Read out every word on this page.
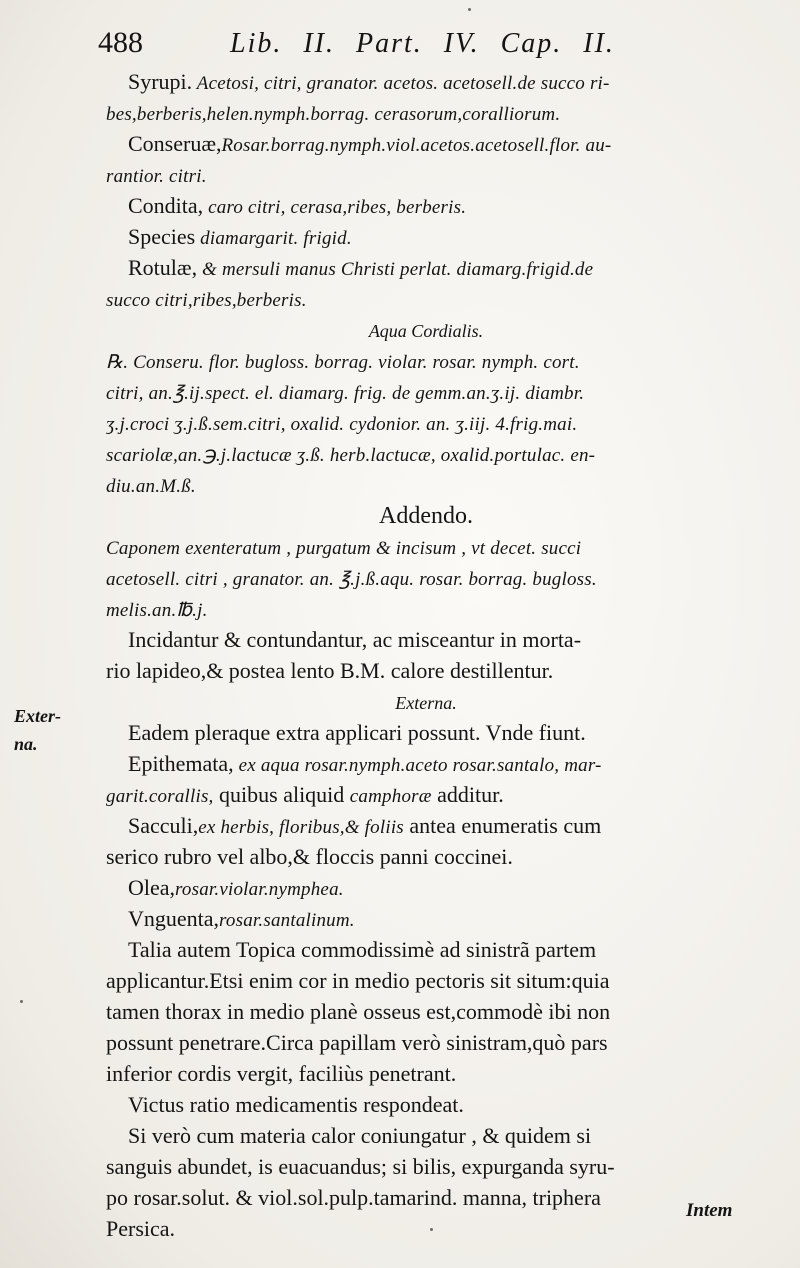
488	Lib. II. Part. IV. Cap. II.
Syrupi. Acetosi, citri, granator. acetos. acetosell.de succo ri-
bes,berberis,helen.nymph.borrag. cerasorum,coralliorum.
Conseruæ,Rosar.borrag.nymph.viol.acetos.acetosell.flor. au-
rantior. citri.
Condita, caro citri, cerasa,ribes, berberis.
Species diamargarit. frigid.
Rotulæ, & mersuli manus Christi perlat. diamarg.frigid.de
succo citri,ribes,berberis.
Aqua Cordialis.
℞. Conseru. flor. bugloss. borrag. violar. rosar. nymph. cort.
citri, an.℥.ij.spect. el. diamarg. frig. de gemm.an.ʒ.ij. diambr.
ʒ.j.croci ʒ.j.ß.sem.citri, oxalid. cydonior. an. ʒ.iij. 4.frig.mai.
scariolæ,an.℈.j.lactucæ ʒ.ß. herb.lactucæ, oxalid.portulac. en-
diu.an.M.ß.
Addendo.
Caponem exenteratum , purgatum & incisum , vt decet. succi
acetosell. citri , granator. an. ℥.j.ß.aqu. rosar. borrag. bugloss.
melis.an.℔.j.
Incidantur & contundantur, ac misceantur in morta-
rio lapideo,& postea lento B.M. calore destillentur.
Externa.
Eadem pleraque extra applicari possunt. Vnde fiunt.
Epithemata, ex aqua rosar.nymph.aceto rosar.santalo, mar-
garit.corallis, quibus aliquid camphoræ additur.
Sacculi,ex herbis, floribus,& foliis antea enumeratis cum
serico rubro vel albo,& floccis panni coccinei.
Olea,rosar.violar.nymphea.
Vnguenta,rosar.santalinum.
Talia autem Topica commodissimè ad sinistrã partem
applicantur.Etsi enim cor in medio pectoris sit situm:quia
tamen thorax in medio planè osseus est,commodè ibi non
possunt penetrare.Circa papillam verò sinistram,quò pars
inferior cordis vergit, faciliùs penetrant.
Victus ratio medicamentis respondeat.
Si verò cum materia calor coniungatur , & quidem si
sanguis abundet, is euacuandus; si bilis, expurganda syru-
po rosar.solut. & viol.sol.pulp.tamarind. manna, triphera
Persica.
Exter-
na.
Intem
